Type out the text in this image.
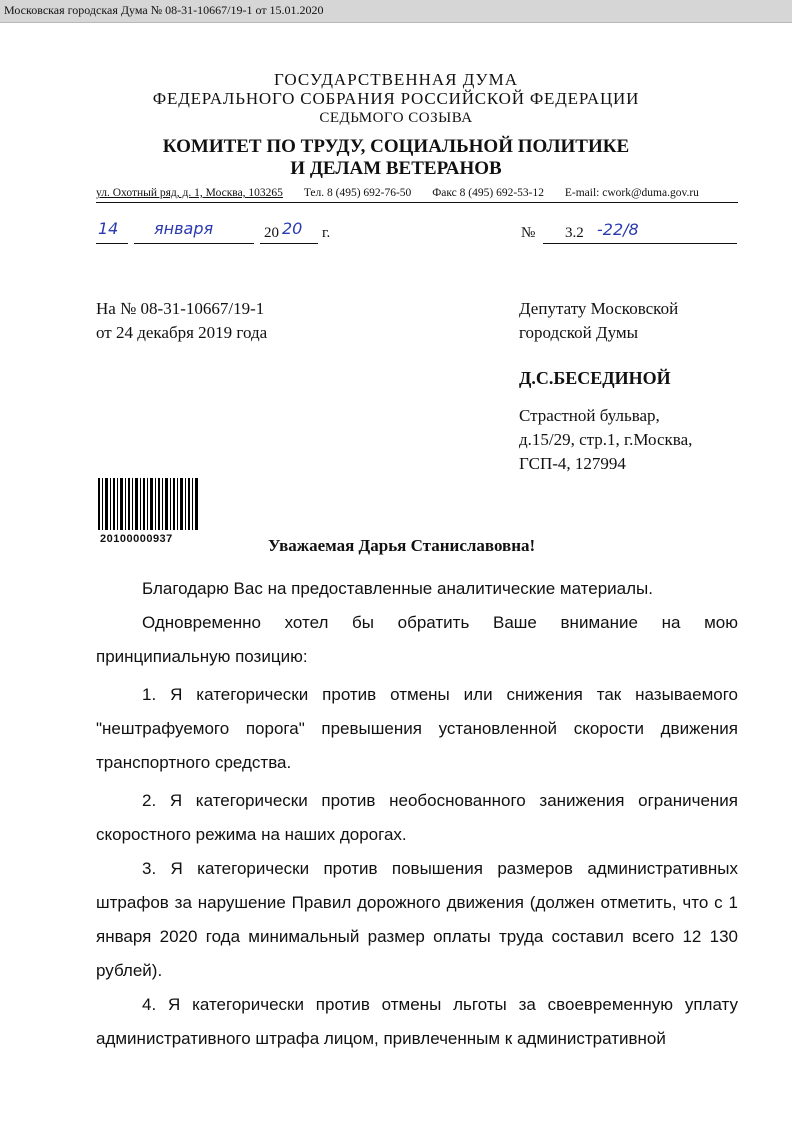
Московская городская Дума № 08-31-10667/19-1 от 15.01.2020
ГОСУДАРСТВЕННАЯ ДУМА
ФЕДЕРАЛЬНОГО СОБРАНИЯ РОССИЙСКОЙ ФЕДЕРАЦИИ
СЕДЬМОГО СОЗЫВА
КОМИТЕТ ПО ТРУДУ, СОЦИАЛЬНОЙ ПОЛИТИКЕ
И ДЕЛАМ ВЕТЕРАНОВ
ул. Охотный ряд, д. 1, Москва, 103265 Тел. 8 (495) 692-76-50 Факс 8 (495) 692-53-12 E-mail: cwork@duma.gov.ru
14 января	20 20 г.	№ 3.2 -22/8
На № 08-31-10667/19-1
от 24 декабря 2019 года
Депутату Московской
городской Думы
Д.С.БЕСЕДИНОЙ
Страстной бульвар,
д.15/29, стр.1, г.Москва,
ГСП-4, 127994
20100000937	Уважаемая Дарья Станиславовна!
Благодарю Вас на предоставленные аналитические материалы.
Одновременно хотел бы обратить Ваше внимание на мою принципиальную позицию:
1. Я категорически против отмены или снижения так называемого "нештрафуемого порога" превышения установленной скорости движения транспортного средства.
2. Я категорически против необоснованного занижения ограничения скоростного режима на наших дорогах.
3. Я категорически против повышения размеров административных штрафов за нарушение Правил дорожного движения (должен отметить, что с 1 января 2020 года минимальный размер оплаты труда составил всего 12 130 рублей).
4. Я категорически против отмены льготы за своевременную уплату административного штрафа лицом, привлеченным к административной
